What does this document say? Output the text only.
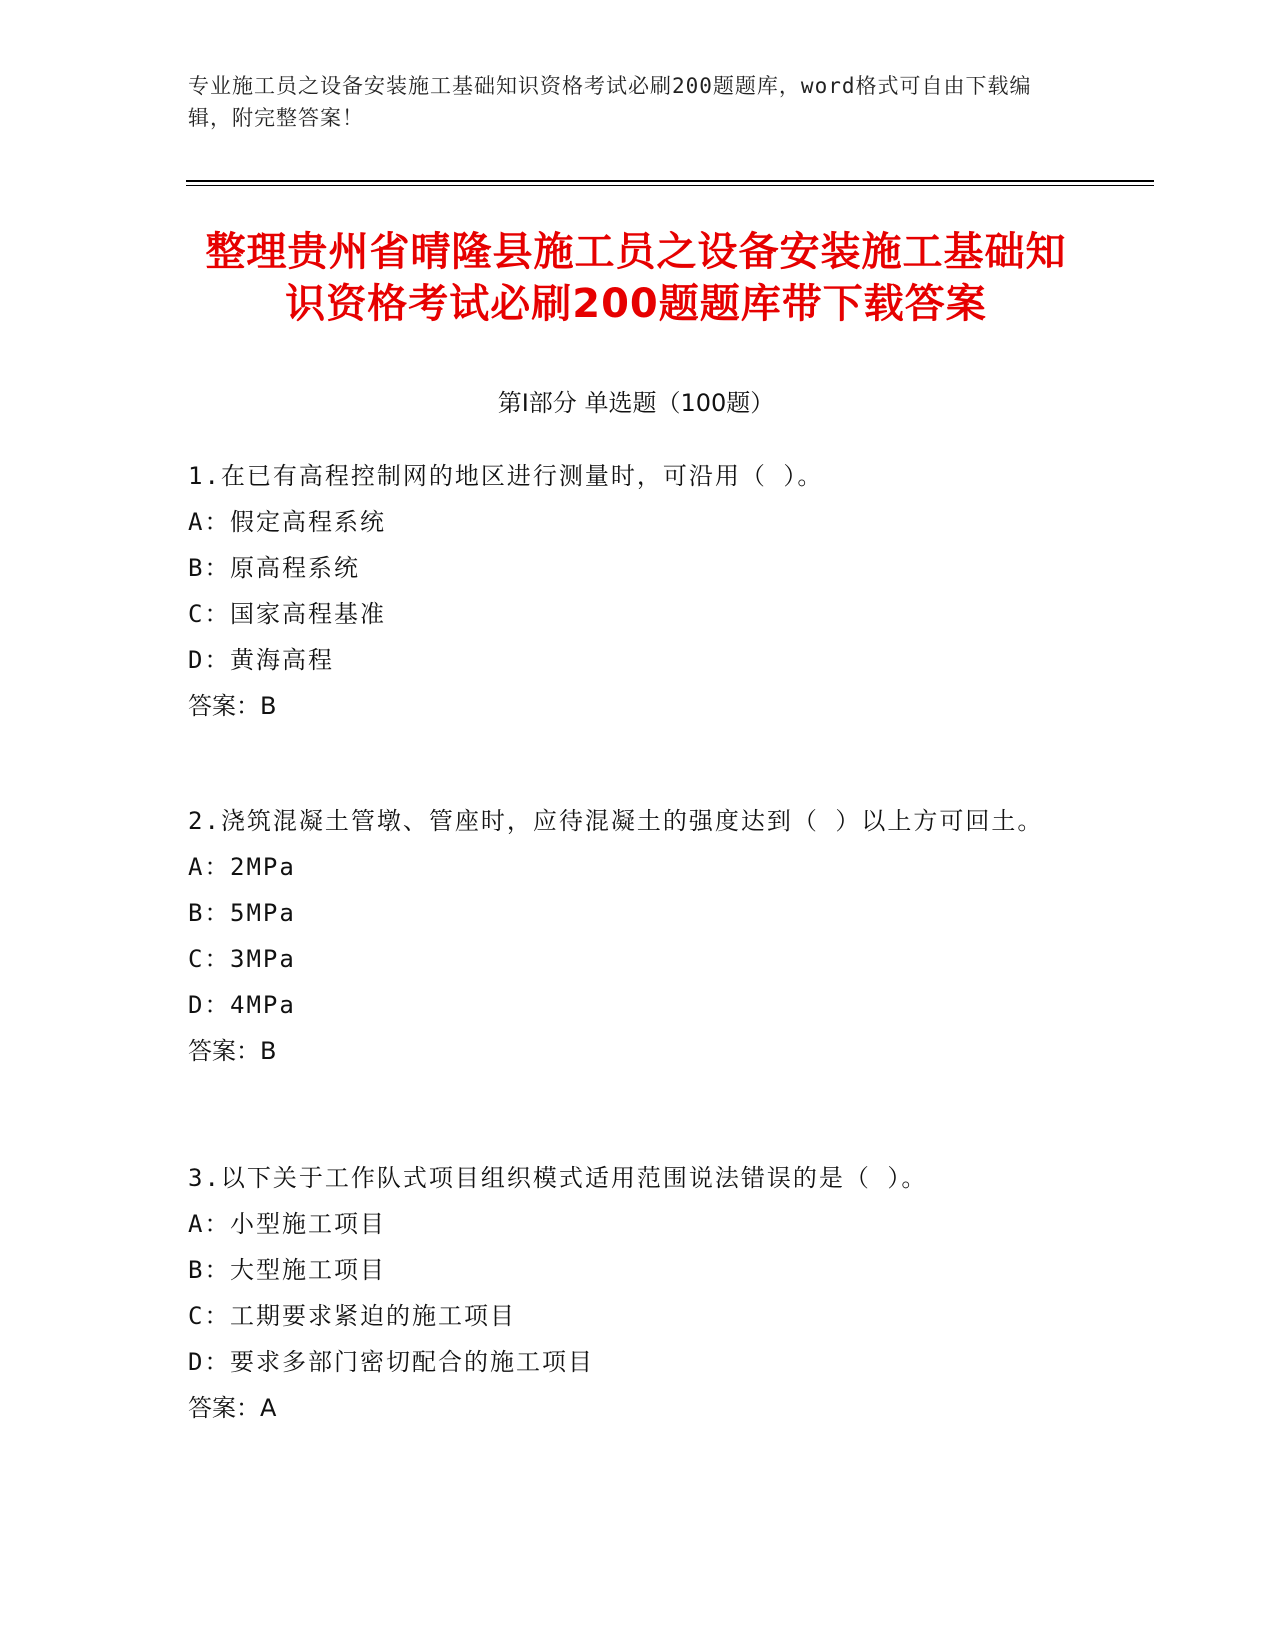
专业施工员之设备安装施工基础知识资格考试必刷200题题库，word格式可自由下载编辑，附完整答案！
整理贵州省晴隆县施工员之设备安装施工基础知识资格考试必刷200题题库带下载答案
第Ⅰ部分 单选题（100题）
1.在已有高程控制网的地区进行测量时，可沿用（ ）。
A： 假定高程系统
B： 原高程系统
C： 国家高程基准
D： 黄海高程
答案：B
2.浇筑混凝土管墩、管座时，应待混凝土的强度达到（ ）以上方可回土。
A： 2MPa
B： 5MPa
C： 3MPa
D： 4MPa
答案：B
3.以下关于工作队式项目组织模式适用范围说法错误的是（ ）。
A： 小型施工项目
B： 大型施工项目
C： 工期要求紧迫的施工项目
D： 要求多部门密切配合的施工项目
答案：A
